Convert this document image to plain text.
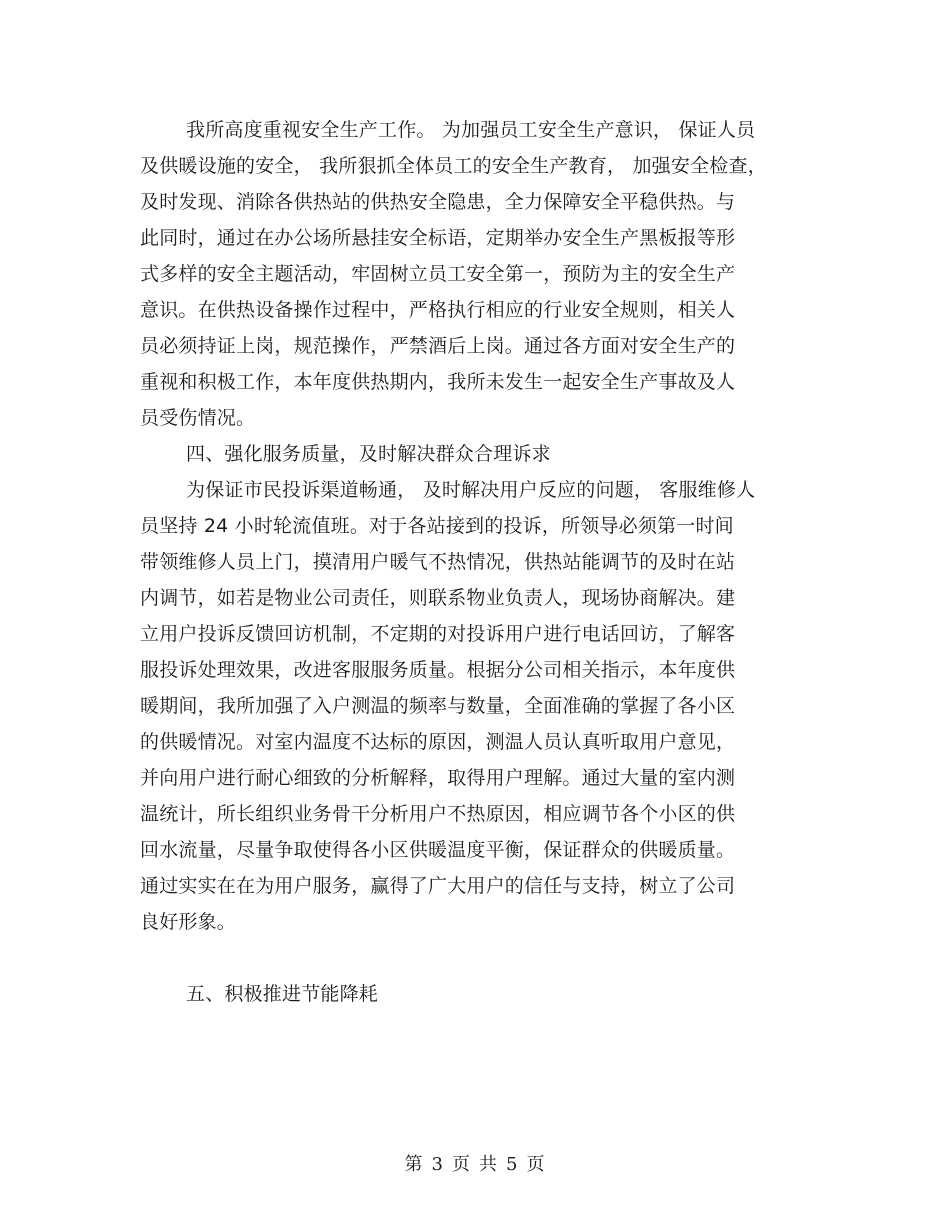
我所高度重视安全生产工作。 为加强员工安全生产意识， 保证人员
及供暖设施的安全， 我所狠抓全体员工的安全生产教育， 加强安全检查，
及时发现、消除各供热站的供热安全隐患，全力保障安全平稳供热。与
此同时，通过在办公场所悬挂安全标语，定期举办安全生产黑板报等形
式多样的安全主题活动，牢固树立员工安全第一，预防为主的安全生产
意识。在供热设备操作过程中，严格执行相应的行业安全规则，相关人
员必须持证上岗，规范操作，严禁酒后上岗。通过各方面对安全生产的
重视和积极工作，本年度供热期内，我所未发生一起安全生产事故及人
员受伤情况。
四、强化服务质量，及时解决群众合理诉求
为保证市民投诉渠道畅通， 及时解决用户反应的问题， 客服维修人
员坚持 24 小时轮流值班。对于各站接到的投诉，所领导必须第一时间
带领维修人员上门，摸清用户暖气不热情况，供热站能调节的及时在站
内调节，如若是物业公司责任，则联系物业负责人，现场协商解决。建
立用户投诉反馈回访机制，不定期的对投诉用户进行电话回访，了解客
服投诉处理效果，改进客服服务质量。根据分公司相关指示，本年度供
暖期间，我所加强了入户测温的频率与数量，全面准确的掌握了各小区
的供暖情况。对室内温度不达标的原因，测温人员认真听取用户意见，
并向用户进行耐心细致的分析解释，取得用户理解。通过大量的室内测
温统计，所长组织业务骨干分析用户不热原因，相应调节各个小区的供
回水流量，尽量争取使得各小区供暖温度平衡，保证群众的供暖质量。
通过实实在在为用户服务，赢得了广大用户的信任与支持，树立了公司
良好形象。
五、积极推进节能降耗
第 3 页 共 5 页
